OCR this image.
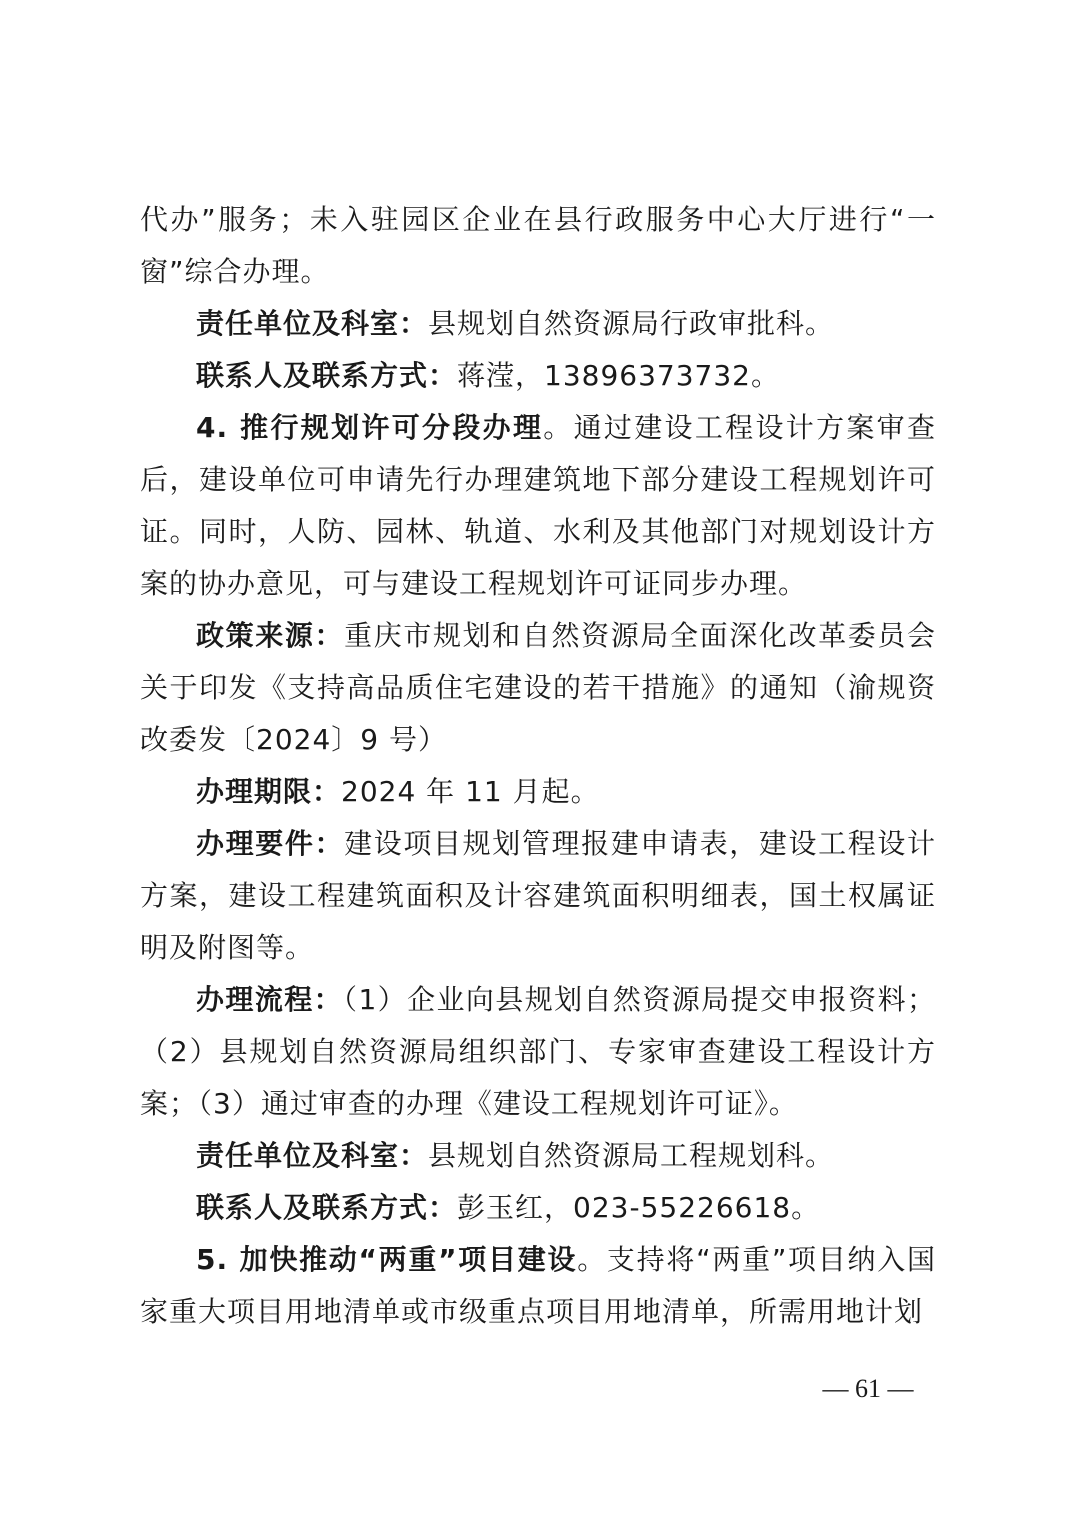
代办”服务；未入驻园区企业在县行政服务中心大厅进行“一窗”综合办理。

责任单位及科室：县规划自然资源局行政审批科。

联系人及联系方式：蒋滢，13896373732。

4. 推行规划许可分段办理。通过建设工程设计方案审查后，建设单位可申请先行办理建筑地下部分建设工程规划许可证。同时，人防、园林、轨道、水利及其他部门对规划设计方案的协办意见，可与建设工程规划许可证同步办理。

政策来源：重庆市规划和自然资源局全面深化改革委员会关于印发《支持高品质住宅建设的若干措施》的通知（渝规资改委发〔2024〕9 号）

办理期限：2024 年 11 月起。

办理要件：建设项目规划管理报建申请表，建设工程设计方案，建设工程建筑面积及计容建筑面积明细表，国土权属证明及附图等。

办理流程：（1）企业向县规划自然资源局提交申报资料；（2）县规划自然资源局组织部门、专家审查建设工程设计方案；（3）通过审查的办理《建设工程规划许可证》。

责任单位及科室：县规划自然资源局工程规划科。

联系人及联系方式：彭玉红，023-55226618。

5. 加快推动“两重”项目建设。支持将“两重”项目纳入国家重大项目用地清单或市级重点项目用地清单，所需用地计划

— 61 —
